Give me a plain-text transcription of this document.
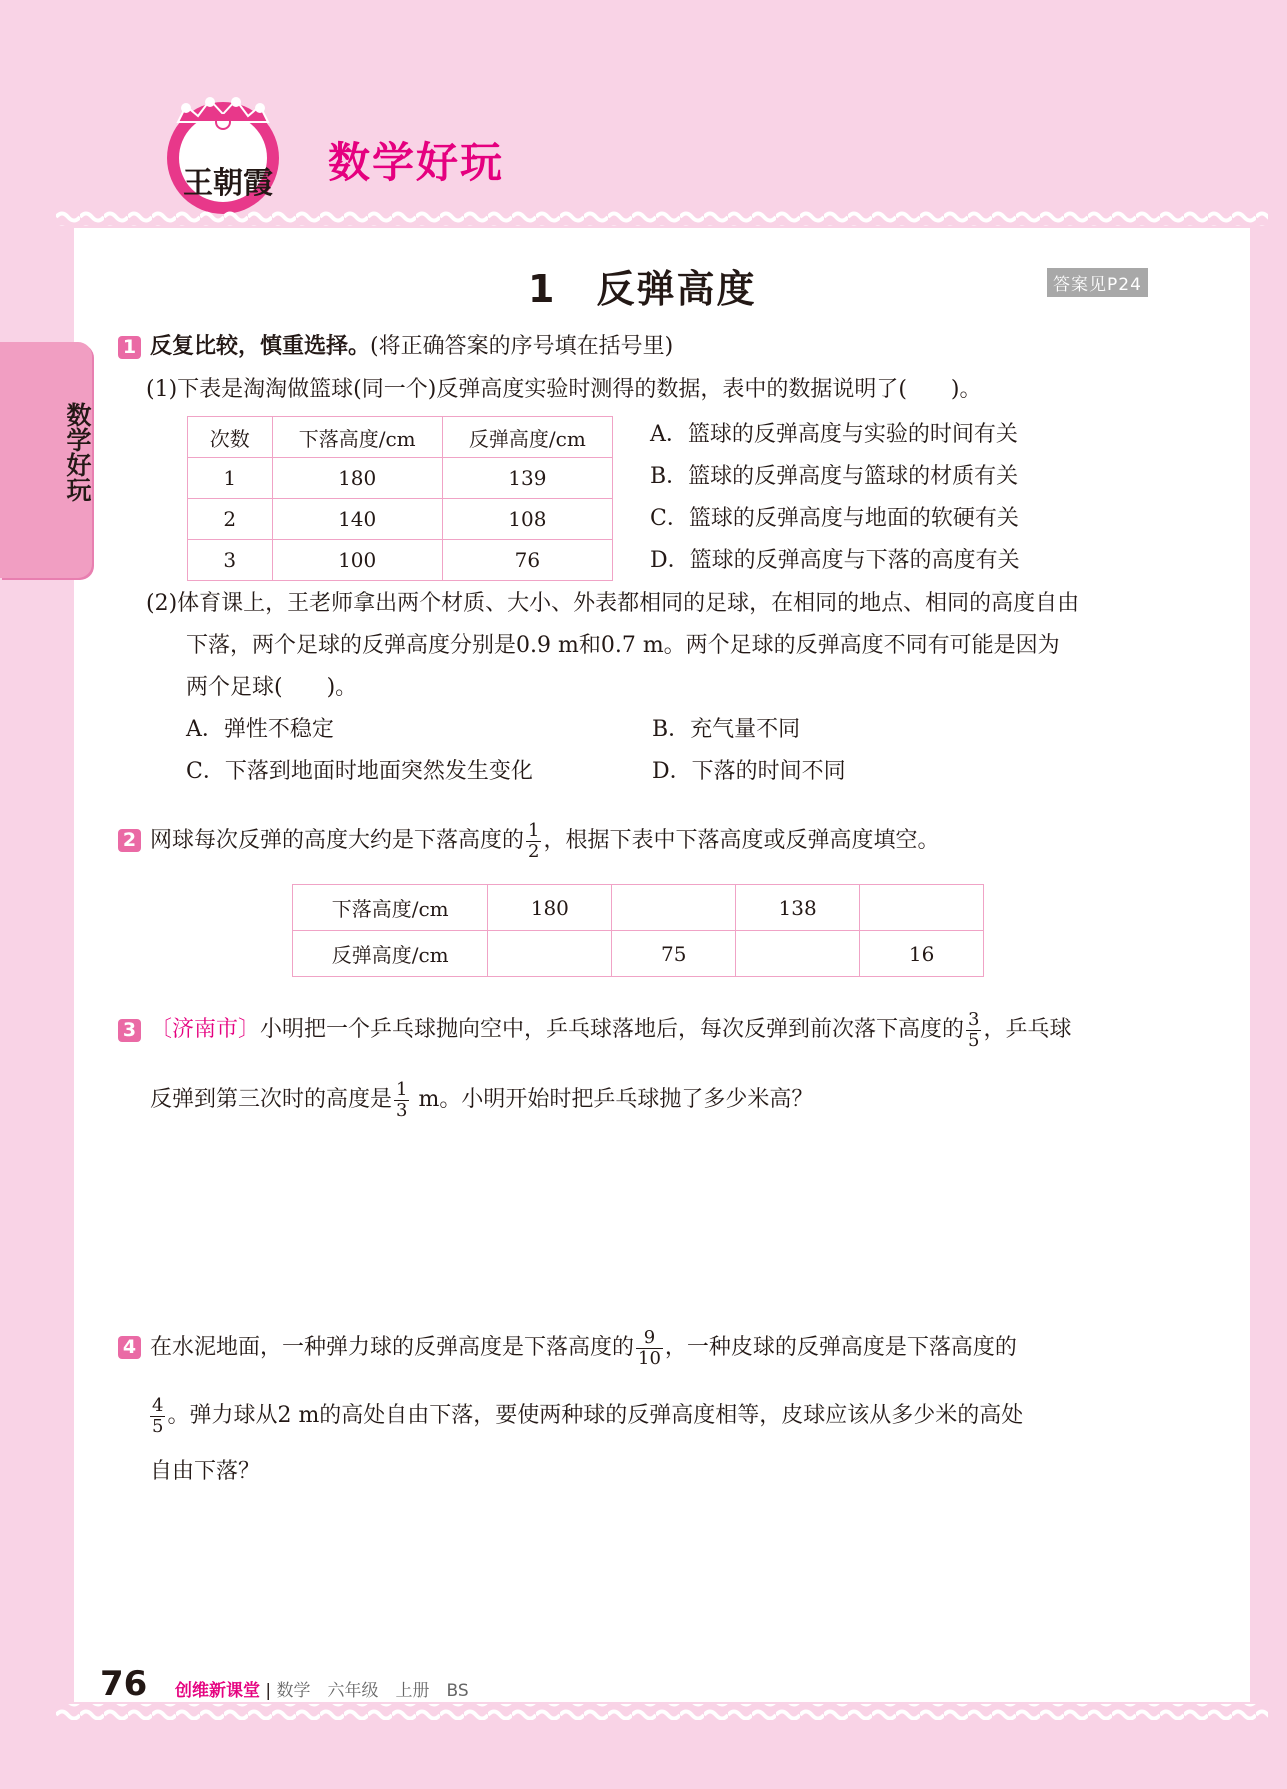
王朝霞 数学好玩
数学好玩
1　反弹高度	答案见P24
1 反复比较，慎重选择。(将正确答案的序号填在括号里)
(1)下表是淘淘做篮球(同一个)反弹高度实验时测得的数据，表中的数据说明了(　　)。
次数	下落高度/cm	反弹高度/cm
1	180	139
2	140	108
3	100	76
A．篮球的反弹高度与实验的时间有关
B．篮球的反弹高度与篮球的材质有关
C．篮球的反弹高度与地面的软硬有关
D．篮球的反弹高度与下落的高度有关
(2)体育课上，王老师拿出两个材质、大小、外表都相同的足球，在相同的地点、相同的高度自由
下落，两个足球的反弹高度分别是0.9 m和0.7 m。两个足球的反弹高度不同有可能是因为
两个足球(　　)。
A．弹性不稳定	B．充气量不同
C．下落到地面时地面突然发生变化	D．下落的时间不同
2 网球每次反弹的高度大约是下落高度的 $\frac{1}{2}$ ，根据下表中下落高度或反弹高度填空。
下落高度/cm	180		138	
反弹高度/cm		75		16
3 〔济南市〕小明把一个乒乓球抛向空中，乒乓球落地后，每次反弹到前次落下高度的 $\frac{3}{5}$ ，乒乓球
反弹到第三次时的高度是 $\frac{1}{3}$ m。小明开始时把乒乓球抛了多少米高？
4 在水泥地面，一种弹力球的反弹高度是下落高度的 $\frac{9}{10}$ ，一种皮球的反弹高度是下落高度的
$\frac{4}{5}$ 。弹力球从2 m的高处自由下落，要使两种球的反弹高度相等，皮球应该从多少米的高处
自由下落？
76 创维新课堂 | 数学　六年级　上册　BS
